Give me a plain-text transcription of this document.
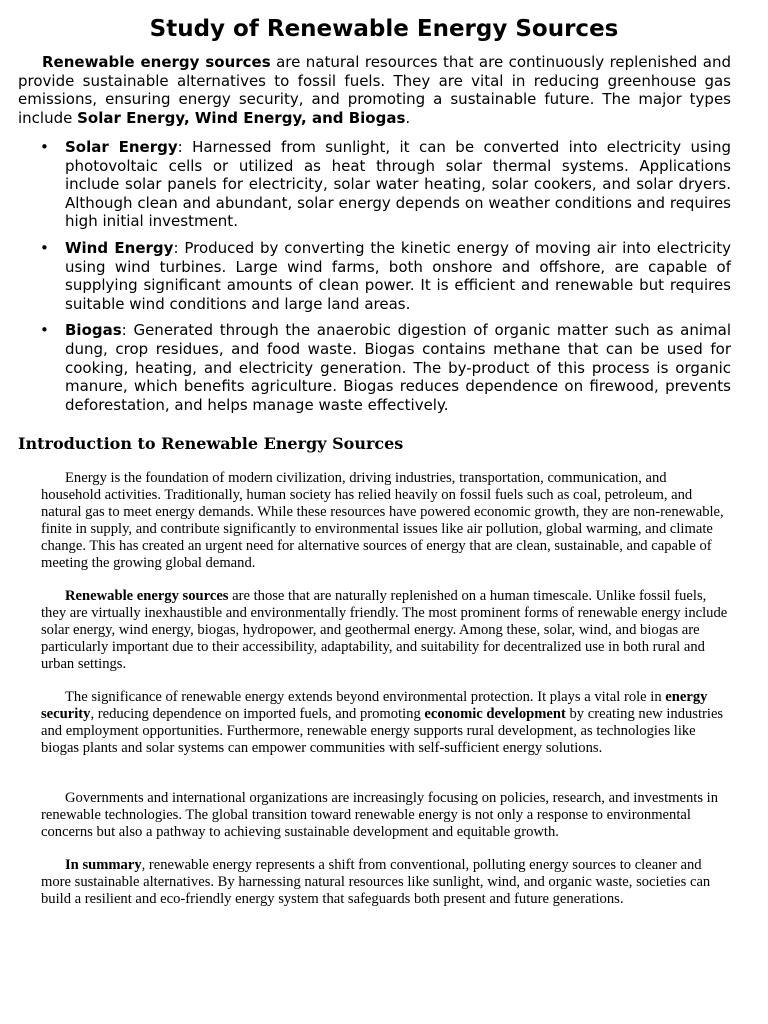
Study of Renewable Energy Sources

Renewable energy sources are natural resources that are continuously replenished and provide sustainable alternatives to fossil fuels. They are vital in reducing greenhouse gas emissions, ensuring energy security, and promoting a sustainable future. The major types include Solar Energy, Wind Energy, and Biogas.

• Solar Energy: Harnessed from sunlight, it can be converted into electricity using photovoltaic cells or utilized as heat through solar thermal systems. Applications include solar panels for electricity, solar water heating, solar cookers, and solar dryers. Although clean and abundant, solar energy depends on weather conditions and requires high initial investment.
• Wind Energy: Produced by converting the kinetic energy of moving air into electricity using wind turbines. Large wind farms, both onshore and offshore, are capable of supplying significant amounts of clean power. It is efficient and renewable but requires suitable wind conditions and large land areas.
• Biogas: Generated through the anaerobic digestion of organic matter such as animal dung, crop residues, and food waste. Biogas contains methane that can be used for cooking, heating, and electricity generation. The by-product of this process is organic manure, which benefits agriculture. Biogas reduces dependence on firewood, prevents deforestation, and helps manage waste effectively.
Introduction to Renewable Energy Sources

Energy is the foundation of modern civilization, driving industries, transportation, communication, and household activities. Traditionally, human society has relied heavily on fossil fuels such as coal, petroleum, and natural gas to meet energy demands. While these resources have powered economic growth, they are non-renewable, finite in supply, and contribute significantly to environmental issues like air pollution, global warming, and climate change. This has created an urgent need for alternative sources of energy that are clean, sustainable, and capable of meeting the growing global demand.

Renewable energy sources are those that are naturally replenished on a human timescale. Unlike fossil fuels, they are virtually inexhaustible and environmentally friendly. The most prominent forms of renewable energy include solar energy, wind energy, biogas, hydropower, and geothermal energy. Among these, solar, wind, and biogas are particularly important due to their accessibility, adaptability, and suitability for decentralized use in both rural and urban settings.

The significance of renewable energy extends beyond environmental protection. It plays a vital role in energy security, reducing dependence on imported fuels, and promoting economic development by creating new industries and employment opportunities. Furthermore, renewable energy supports rural development, as technologies like biogas plants and solar systems can empower communities with self-sufficient energy solutions.

Governments and international organizations are increasingly focusing on policies, research, and investments in renewable technologies. The global transition toward renewable energy is not only a response to environmental concerns but also a pathway to achieving sustainable development and equitable growth.

In summary, renewable energy represents a shift from conventional, polluting energy sources to cleaner and more sustainable alternatives. By harnessing natural resources like sunlight, wind, and organic waste, societies can build a resilient and eco-friendly energy system that safeguards both present and future generations.
